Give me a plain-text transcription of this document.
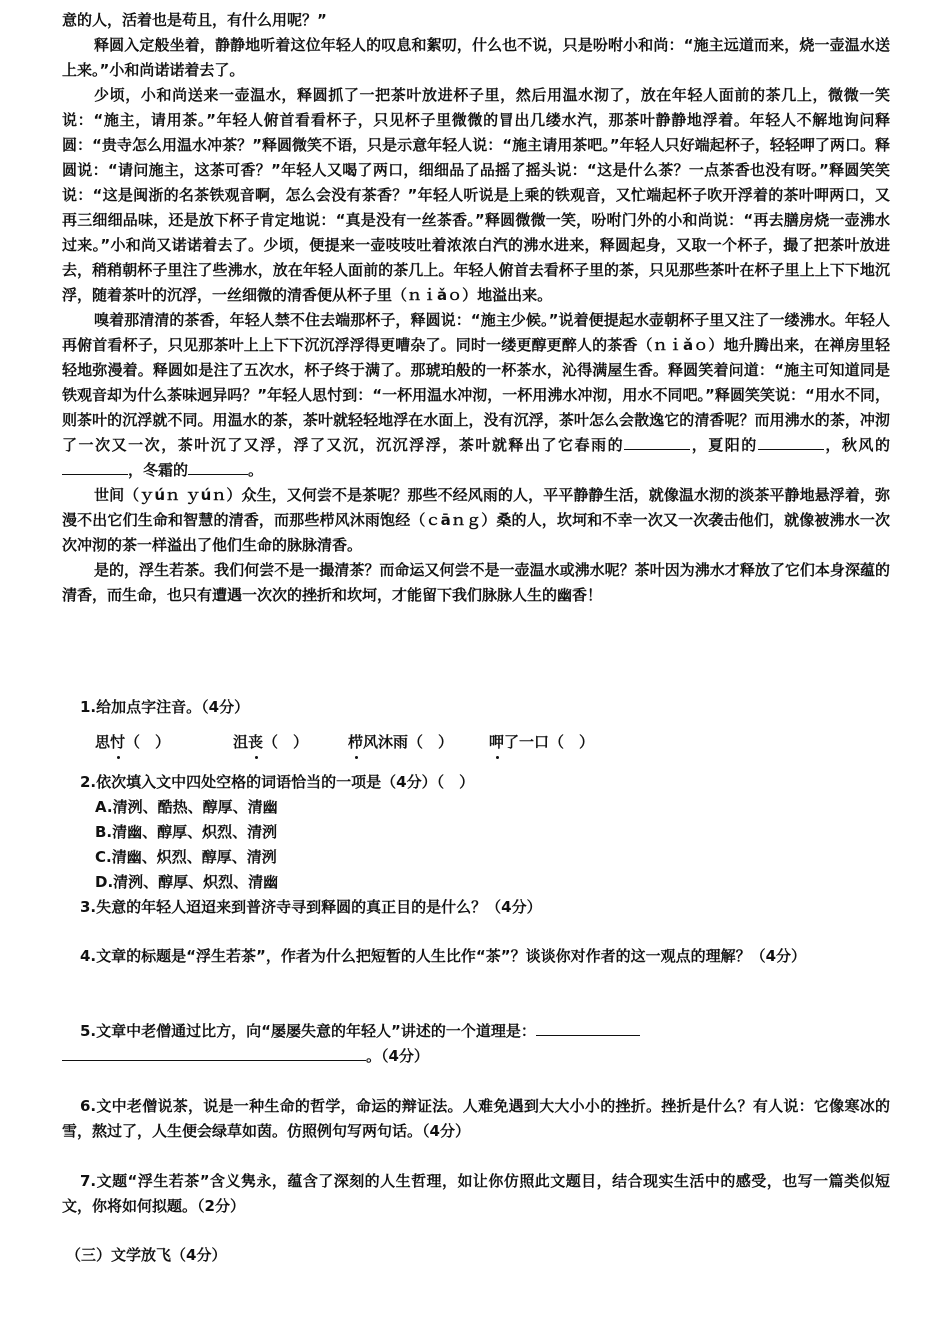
意的人，活着也是苟且，有什么用呢？”

释圆入定般坐着，静静地听着这位年轻人的叹息和絮叨，什么也不说，只是吩咐小和尚：“施主远道而来，烧一壶温水送上来。”小和尚诺诺着去了。

少顷，小和尚送来一壶温水，释圆抓了一把茶叶放进杯子里，然后用温水沏了，放在年轻人面前的茶几上，微微一笑说：“施主，请用茶。”年轻人俯首看看杯子，只见杯子里微微的冒出几缕水汽，那茶叶静静地浮着。年轻人不解地询问释圆：“贵寺怎么用温水冲茶？”释圆微笑不语，只是示意年轻人说：“施主请用茶吧。”年轻人只好端起杯子，轻轻呷了两口。释圆说：“请问施主，这茶可香？”年轻人又喝了两口，细细品了品摇了摇头说：“这是什么茶？一点茶香也没有呀。”释圆笑笑说：“这是闽浙的名茶铁观音啊，怎么会没有茶香？”年轻人听说是上乘的铁观音，又忙端起杯子吹开浮着的茶叶呷两口，又再三细细品味，还是放下杯子肯定地说：“真是没有一丝茶香。”释圆微微一笑，吩咐门外的小和尚说：“再去膳房烧一壶沸水过来。”小和尚又诺诺着去了。少顷，便提来一壶吱吱吐着浓浓白汽的沸水进来，释圆起身，又取一个杯子，撮了把茶叶放进去，稍稍朝杯子里注了些沸水，放在年轻人面前的茶几上。年轻人俯首去看杯子里的茶，只见那些茶叶在杯子里上上下下地沉浮，随着茶叶的沉浮，一丝细微的清香便从杯子里（ｎｉǎｏ）地溢出来。

嗅着那清清的茶香，年轻人禁不住去端那杯子，释圆说：“施主少候。”说着便提起水壶朝杯子里又注了一缕沸水。年轻人再俯首看杯子，只见那茶叶上上下下沉沉浮浮得更嘈杂了。同时一缕更醇更醉人的茶香（ｎｉǎｏ）地升腾出来，在禅房里轻轻地弥漫着。释圆如是注了五次水，杯子终于满了。那琥珀般的一杯茶水，沁得满屋生香。释圆笑着问道：“施主可知道同是铁观音却为什么茶味迥异吗？”年轻人思忖到：“一杯用温水冲沏，一杯用沸水冲沏，用水不同吧。”释圆笑笑说：“用水不同，则茶叶的沉浮就不同。用温水的茶，茶叶就轻轻地浮在水面上，没有沉浮，茶叶怎么会散逸它的清香呢？而用沸水的茶，冲沏了一次又一次，茶叶沉了又浮，浮了又沉，沉沉浮浮，茶叶就释出了它春雨的	，夏阳的	，秋风的，冬霜的	。

世间（ｙúｎ ｙúｎ）众生，又何尝不是茶呢？那些不经风雨的人，平平静静生活，就像温水沏的淡茶平静地悬浮着，弥漫不出它们生命和智慧的清香，而那些栉风沐雨饱经（ｃāｎｇ）桑的人，坎坷和不幸一次又一次袭击他们，就像被沸水一次次冲沏的茶一样溢出了他们生命的脉脉清香。

是的，浮生若茶。我们何尝不是一撮清茶？而命运又何尝不是一壶温水或沸水呢？茶叶因为沸水才释放了它们本身深蕴的清香，而生命，也只有遭遇一次次的挫折和坎坷，才能留下我们脉脉人生的幽香！

1.给加点字注音。（4分）
思忖（　）	沮丧（　）	栉风沐雨（　） 呷了一口（　）
2.依次填入文中四处空格的词语恰当的一项是（4分）（　）
A.清洌、酷热、醇厚、清幽
B.清幽、醇厚、炽烈、清洌
C.清幽、炽烈、醇厚、清洌
D.清洌、醇厚、炽烈、清幽
3.失意的年轻人迢迢来到普济寺寻到释圆的真正目的是什么？（4分）

4.文章的标题是“浮生若茶”，作者为什么把短暂的人生比作“茶”？谈谈你对作者的这一观点的理解？（4分）

5.文章中老僧通过比方，向“屡屡失意的年轻人”讲述的一个道理是：
。（4分）

6.文中老僧说茶，说是一种生命的哲学，命运的辩证法。人难免遇到大大小小的挫折。挫折是什么？有人说：它像寒冰的雪，熬过了，人生便会绿草如茵。仿照例句写两句话。（4分）

7.文题“浮生若茶”含义隽永，蕴含了深刻的人生哲理，如让你仿照此文题目，结合现实生活中的感受，也写一篇类似短文，你将如何拟题。（2分）

（三）文学放飞（4分）
